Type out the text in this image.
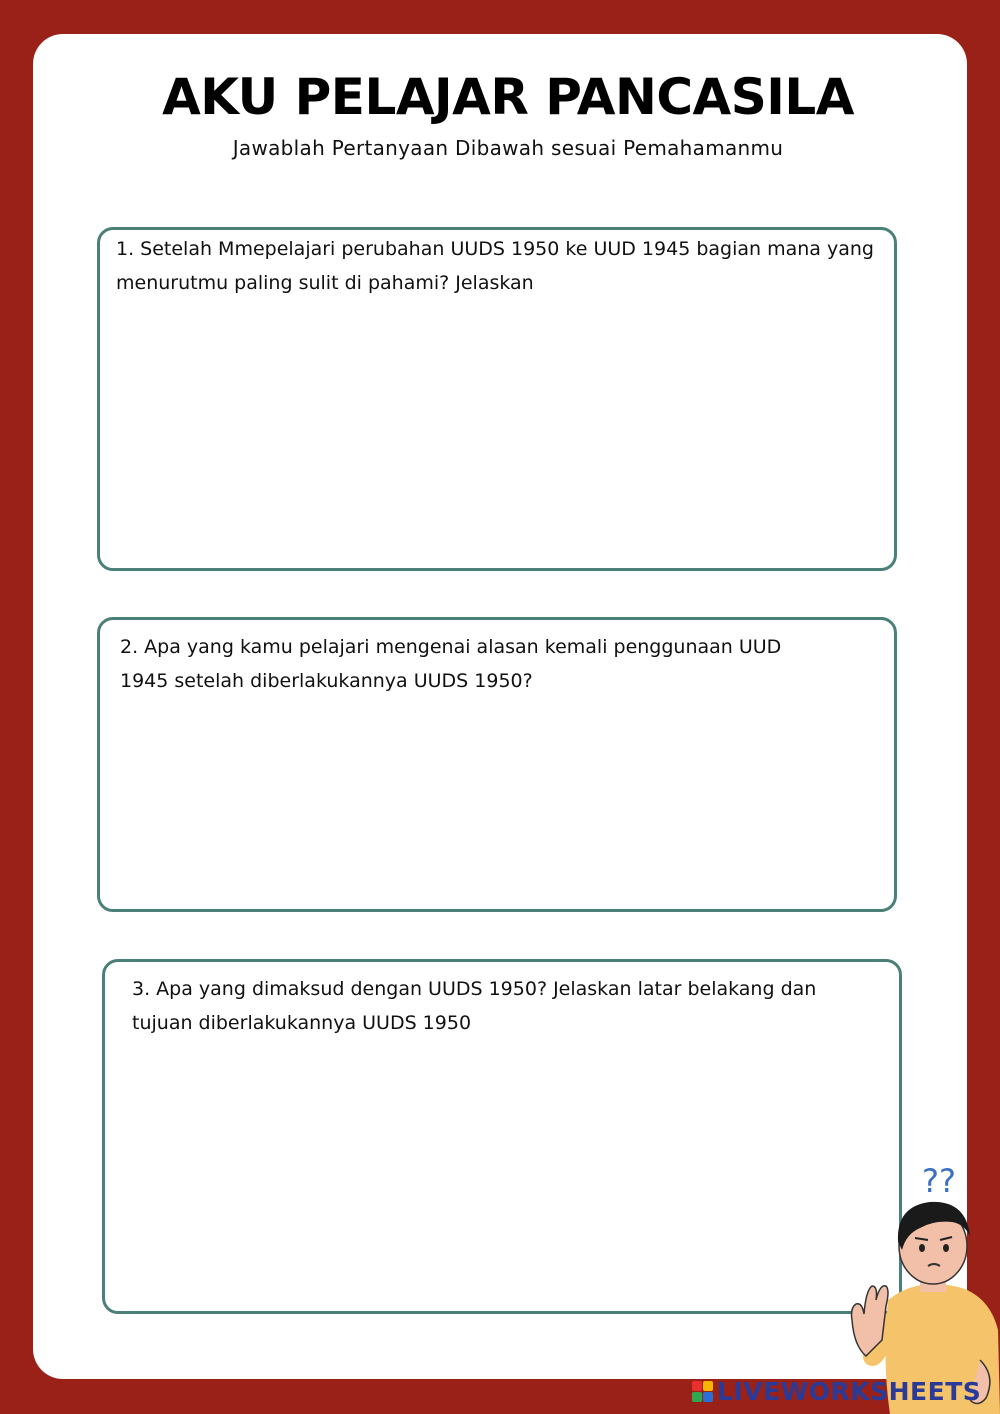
AKU PELAJAR PANCASILA
Jawablah Pertanyaan Dibawah sesuai Pemahamanmu

1. Setelah Mmepelajari perubahan UUDS 1950 ke UUD 1945 bagian mana yang menurutmu paling sulit di pahami? Jelaskan

2. Apa yang kamu pelajari mengenai alasan kemali penggunaan UUD 1945 setelah diberlakukannya UUDS 1950?

3. Apa yang dimaksud dengan UUDS 1950? Jelaskan latar belakang dan tujuan diberlakukannya UUDS 1950

??
LIVEWORKSHEETS
